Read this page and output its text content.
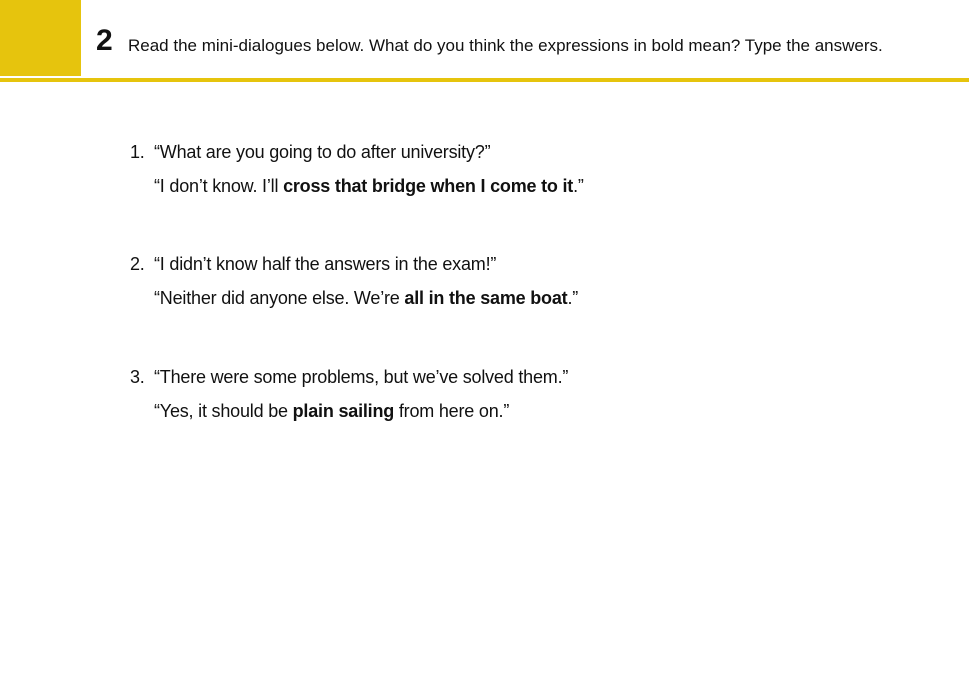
2 Read the mini-dialogues below. What do you think the expressions in bold mean? Type the answers.
1. “What are you going to do after university?”
“I don’t know. I’ll cross that bridge when I come to it.”
2. “I didn’t know half the answers in the exam!”
“Neither did anyone else. We’re all in the same boat.”
3. “There were some problems, but we’ve solved them.”
“Yes, it should be plain sailing from here on.”
